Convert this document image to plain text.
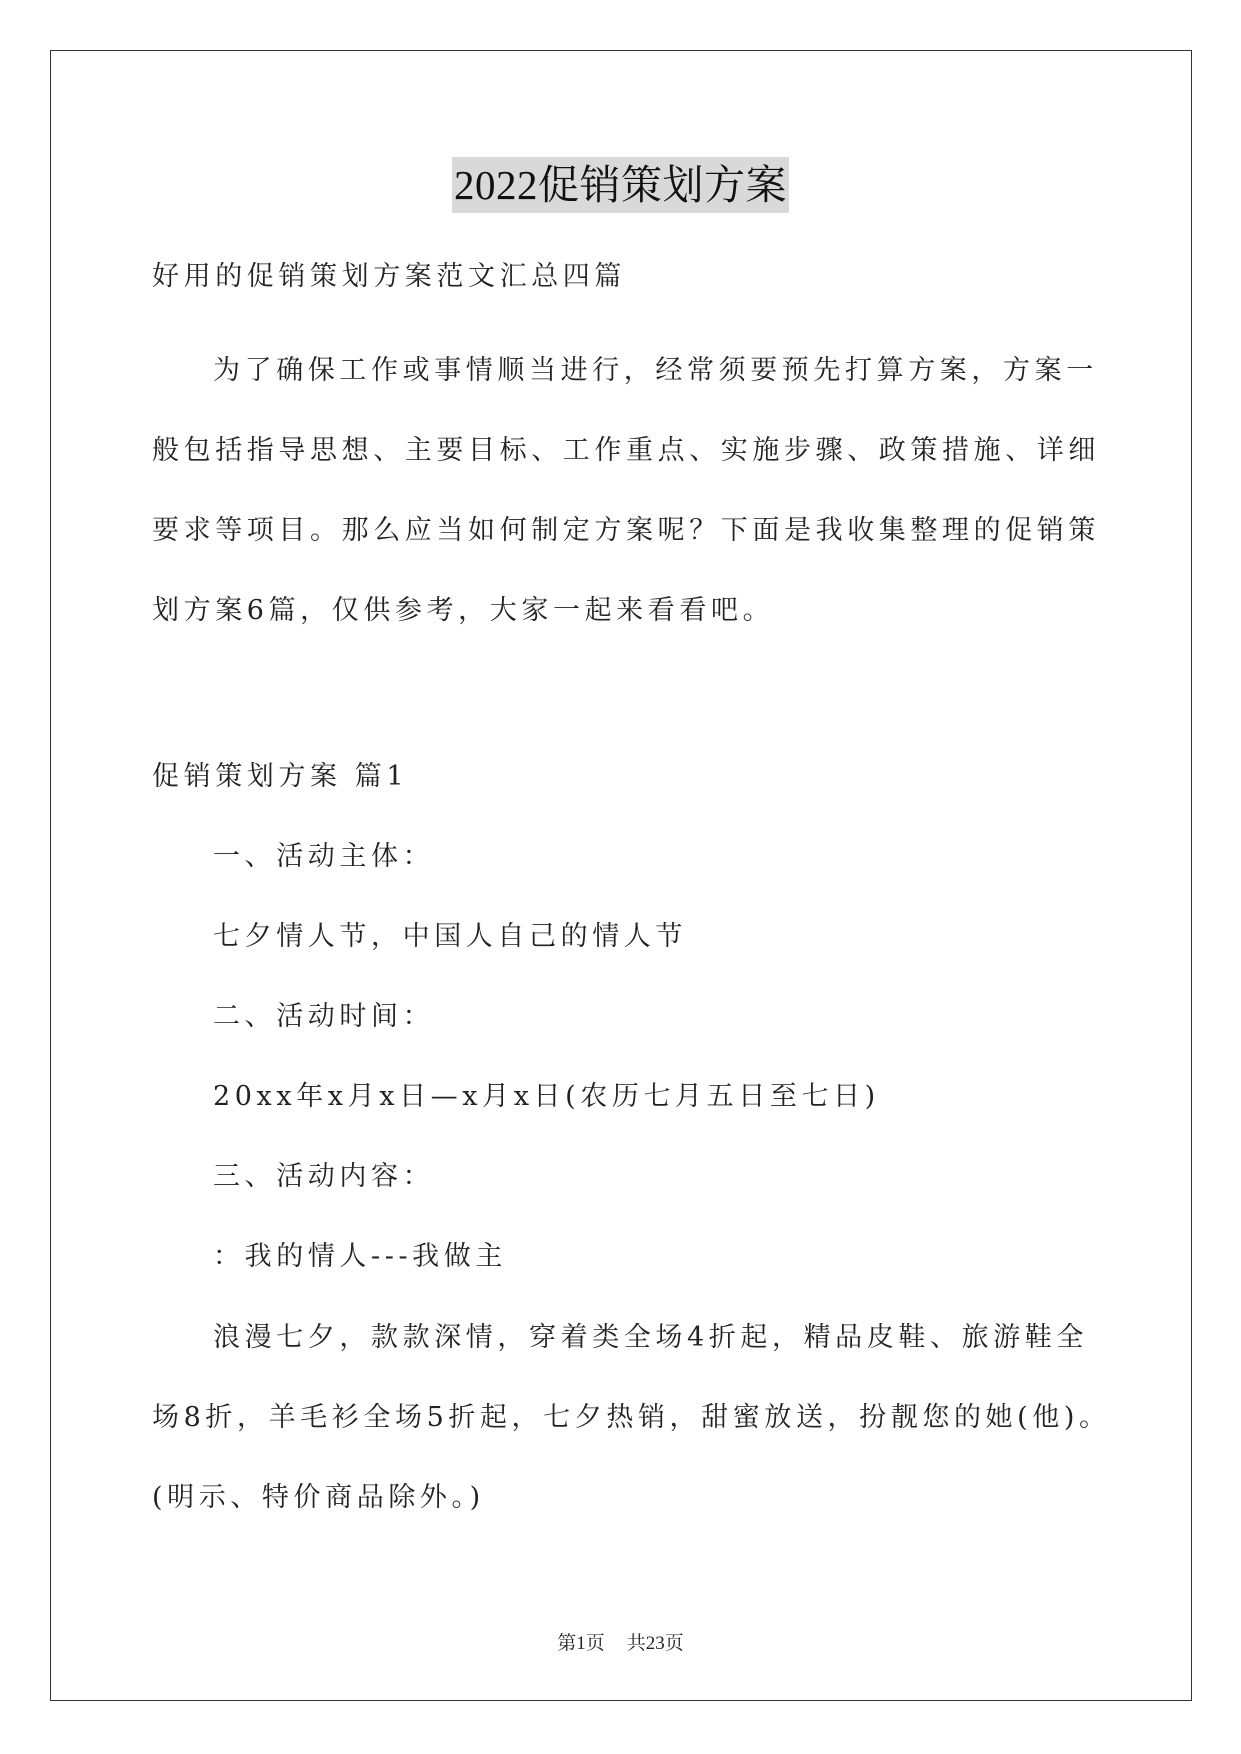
2022促销策划方案
好用的促销策划方案范文汇总四篇
为了确保工作或事情顺当进行，经常须要预先打算方案，方案一
般包括指导思想、主要目标、工作重点、实施步骤、政策措施、详细
要求等项目。那么应当如何制定方案呢？下面是我收集整理的促销策
划方案6篇，仅供参考，大家一起来看看吧。
促销策划方案 篇1
一、活动主体：
七夕情人节，中国人自己的情人节
二、活动时间：
20xx年x月x日—x月x日(农历七月五日至七日)
三、活动内容：
：我的情人---我做主
浪漫七夕，款款深情，穿着类全场4折起，精品皮鞋、旅游鞋全
场8折，羊毛衫全场5折起，七夕热销，甜蜜放送，扮靓您的她(他)。
(明示、特价商品除外。)
第1页 共23页
